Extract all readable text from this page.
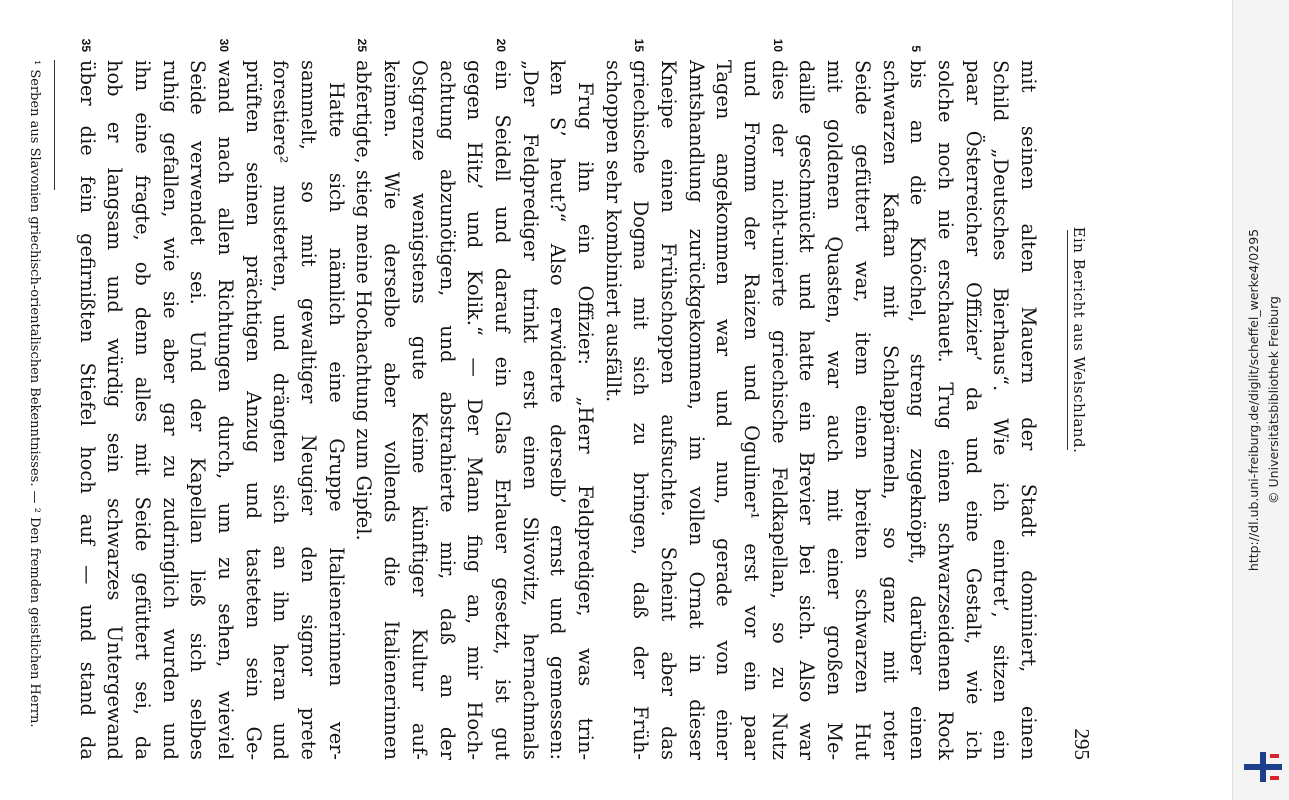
Ein Bericht aus Welschland.
295
mit seinen alten Mauern der Stadt dominiert, einen
Schild „Deutsches Bierhaus“. Wie ich eintret’, sitzen ein
paar Österreicher Offizier’ da und eine Gestalt, wie ich
solche noch nie erschauet. Trug einen schwarzseidenen Rock
bis an die Knöchel, streng zugeknöpft, darüber einen
5
schwarzen Kaftan mit Schlappärmeln, so ganz mit roter
Seide gefüttert war, item einen breiten schwarzen Hut
mit goldenen Quasten, war auch mit einer großen Me-
daille geschmückt und hatte ein Brevier bei sich. Also war
dies der nicht-unierte griechische Feldkapellan, so zu Nutz
10
und Fromm der Raizen und Oguliner¹ erst vor ein paar
Tagen angekommen war und nun, gerade von einer
Amtshandlung zurückgekommen, im vollen Ornat in dieser
Kneipe einen Frühschoppen aufsuchte. Scheint aber das
griechische Dogma mit sich zu bringen, daß der Früh-
15
schoppen sehr kombiniert ausfällt.
Frug ihn ein Offizier: „Herr Feldprediger, was trin-
ken S’ heut?“ Also erwiderte derselb’ ernst und gemessen:
„Der Feldprediger trinkt erst einen Slivovitz, hernachmals
ein Seidell und darauf ein Glas Erlauer gesetzt, ist gut
20
gegen Hitz’ und Kolik.“ — Der Mann fing an, mir Hoch-
achtung abzunötigen, und abstrahierte mir, daß an der
Ostgrenze wenigstens gute Keime künftiger Kultur auf-
keimen. Wie derselbe aber vollends die Italienerinnen
abfertigte, stieg meine Hochachtung zum Gipfel.
25
Hatte sich nämlich eine Gruppe Italienerinnen ver-
sammelt, so mit gewaltiger Neugier den signor prete
forestiere² musterten, und drängten sich an ihn heran und
prüften seinen prächtigen Anzug und tasteten sein Ge-
wand nach allen Richtungen durch, um zu sehen, wieviel
30
Seide verwendet sei. Und der Kapellan ließ sich selbes
ruhig gefallen, wie sie aber gar zu zudringlich wurden und
ihn eine fragte, ob denn alles mit Seide gefüttert sei, da
hob er langsam und würdig sein schwarzes Untergewand
über die fein gefirnißten Stiefel hoch auf — und stand da
35
¹ Serben aus Slavonien griechisch-orientalischen Bekenntnisses. — ² Den fremden geistlichen Herrn.	http://dl.ub.uni-freiburg.de/diglit/scheffel_werke4/0295 © Universitätsbibliothek Freiburg
